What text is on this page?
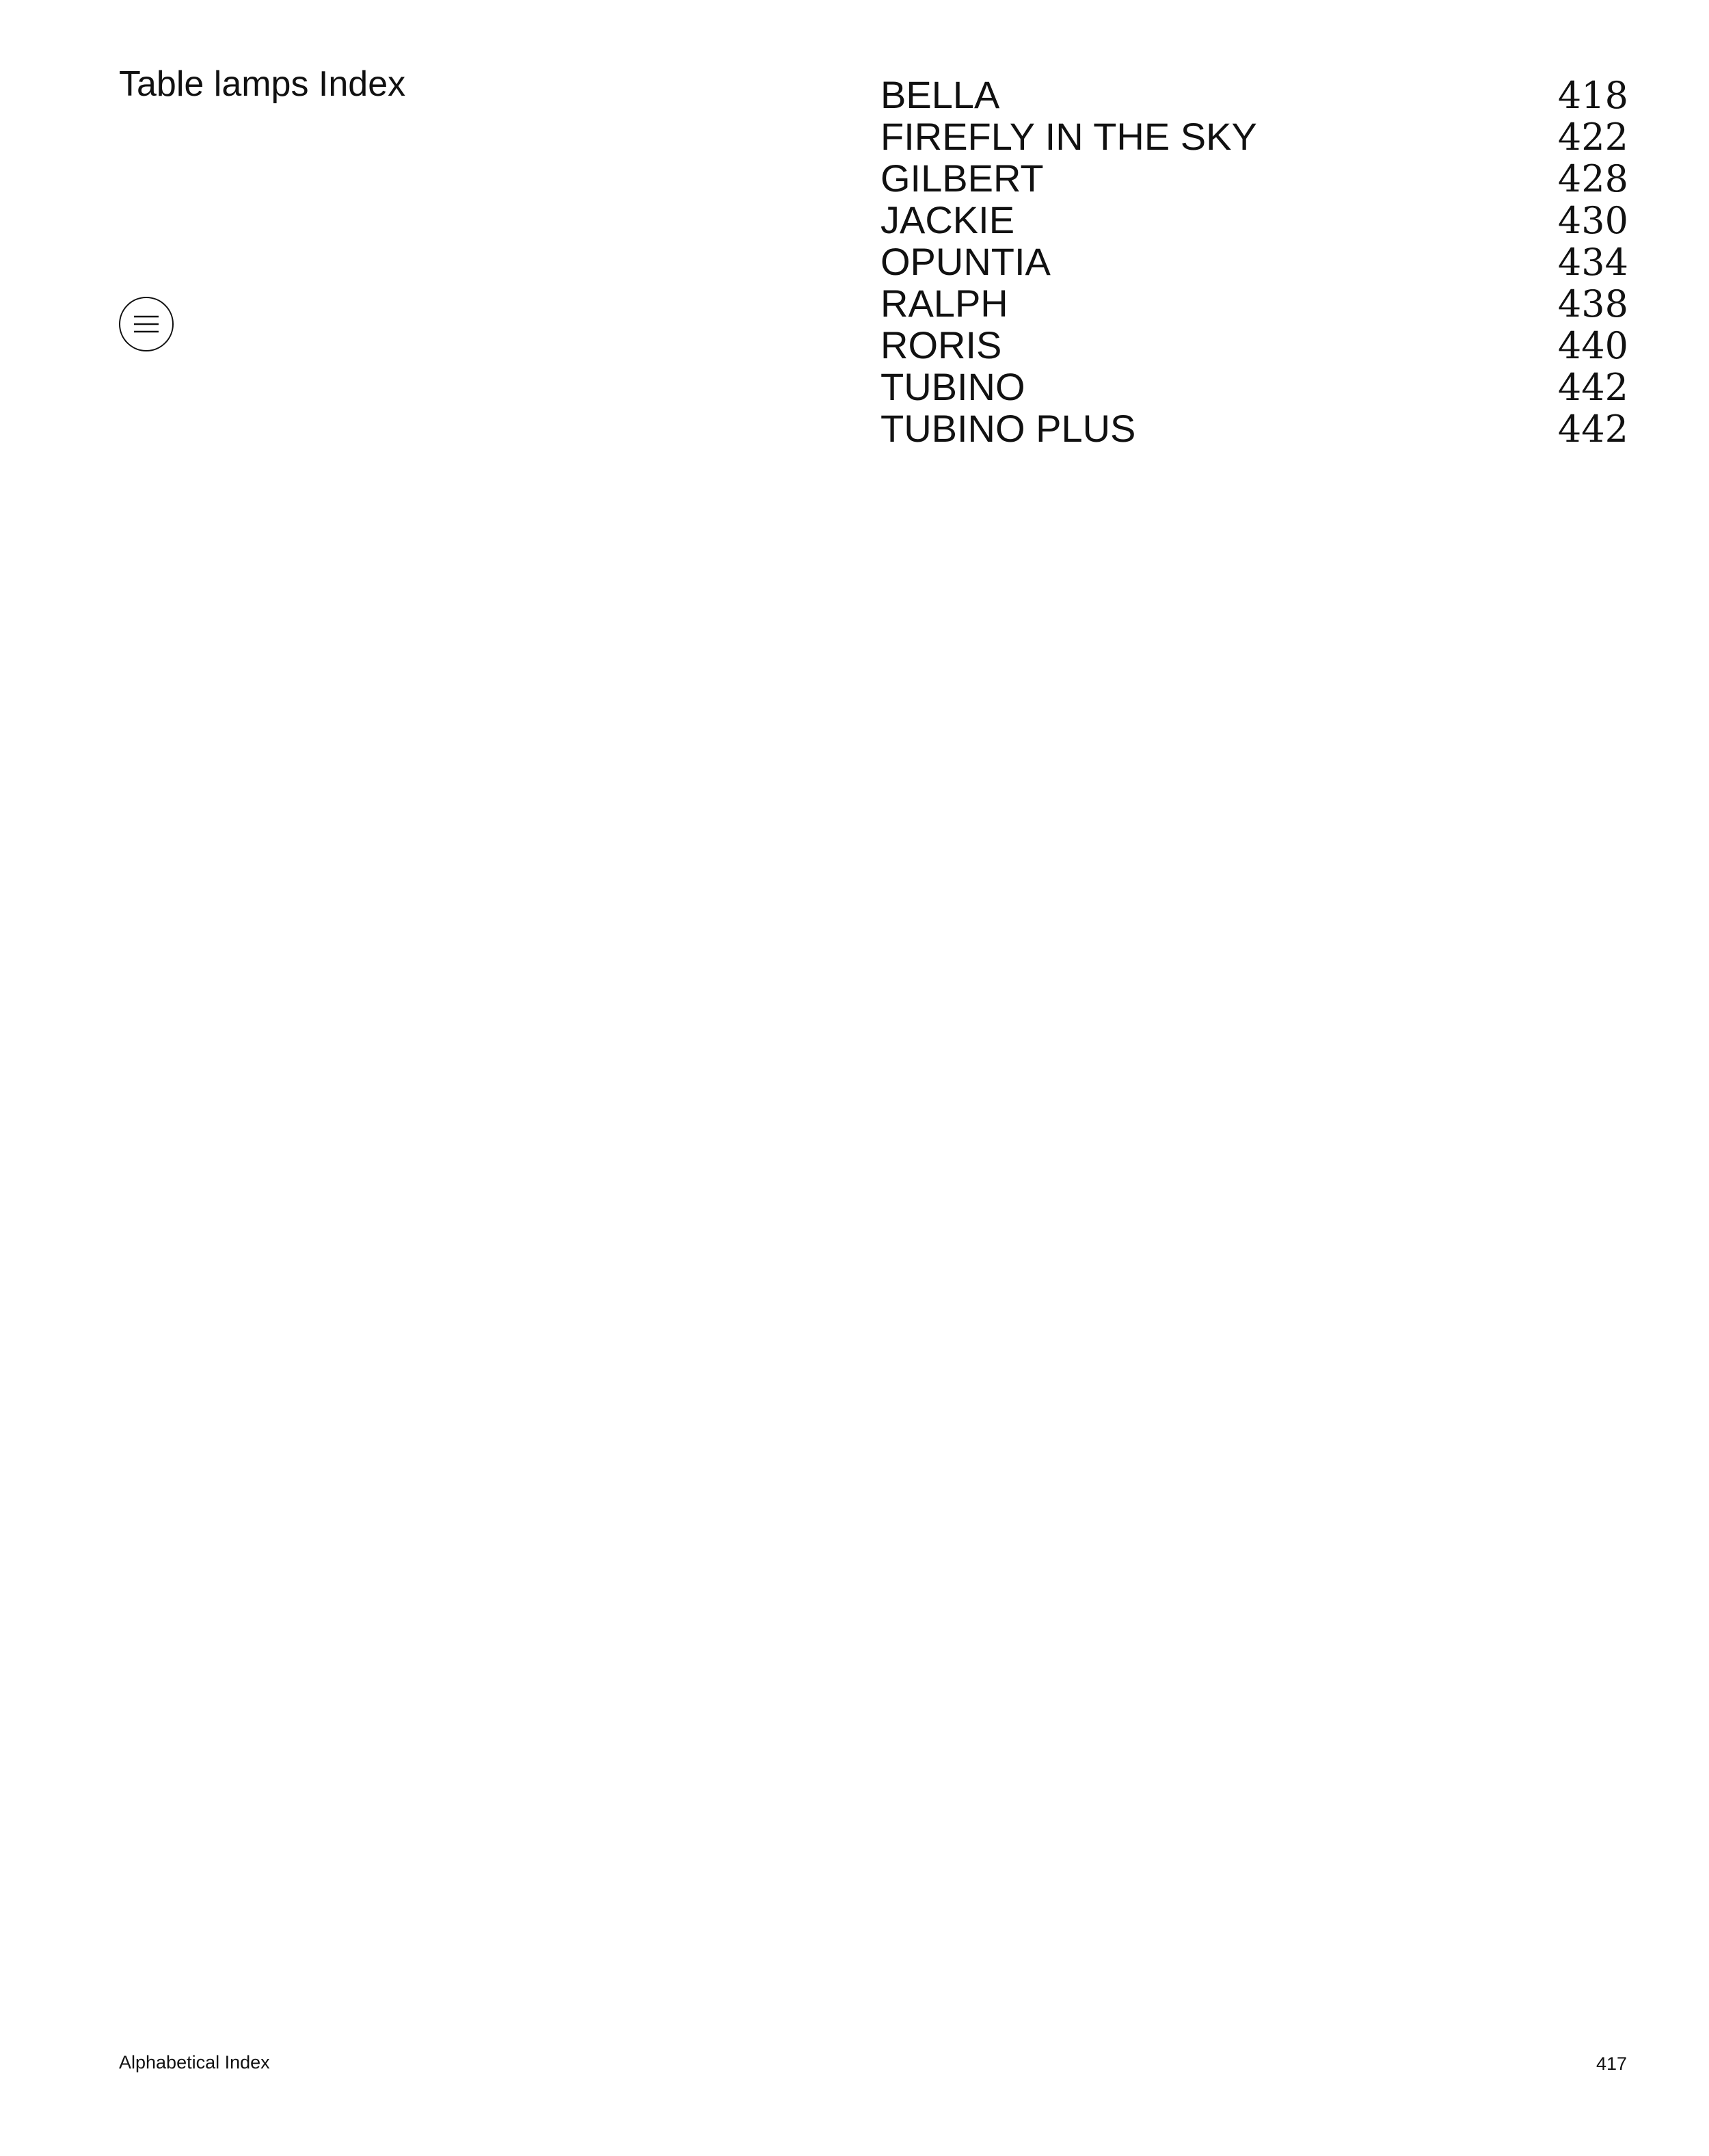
Table lamps Index	BELLA	418
FIREFLY IN THE SKY	422
GILBERT	428
JACKIE	430
OPUNTIA	434
RALPH	438
RORIS	440
TUBINO	442
TUBINO PLUS	442
Alphabetical Index	417
